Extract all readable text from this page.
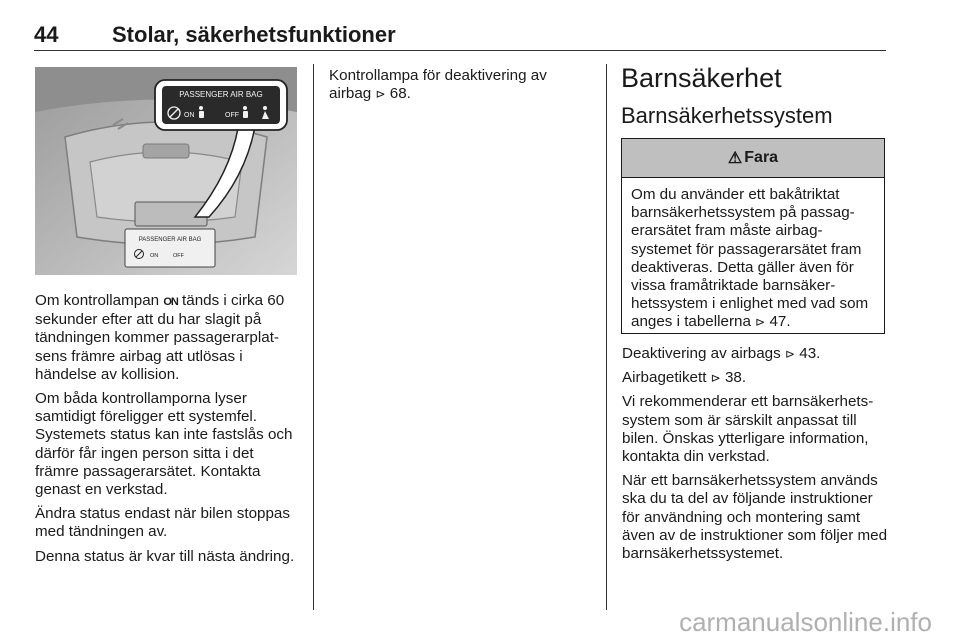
44 Stolar, säkerhetsfunktioner
PASSENGER AIR BAG
ON	OFF
PASSENGER AIR BAG
ON	OFF

Om kontrollampan ON tänds i cirka 60 sekunder efter att du har slagit på tändningen kommer passagerarplatsens främre airbag att utlösas i händelse av kollision.

Om båda kontrollamporna lyser samtidigt föreligger ett systemfel. Systemets status kan inte fastslås och därför får ingen person sitta i det främre passagerarsätet. Kontakta genast en verkstad.

Ändra status endast när bilen stoppas med tändningen av.

Denna status är kvar till nästa ändring.

Kontrollampa för deaktivering av airbag ⊳ 68.

Barnsäkerhet
Barnsäkerhetssystem
⚠ Fara
Om du använder ett bakåtriktat barnsäkerhetssystem på passagerarsätet fram måste airbagsystemet för passagerarsätet fram deaktiveras. Detta gäller även för vissa framåtriktade barnsäkerhetssystem i enlighet med vad som anges i tabellerna ⊳ 47.

Deaktivering av airbags ⊳ 43.

Airbagetikett ⊳ 38.

Vi rekommenderar ett barnsäkerhetssystem som är särskilt anpassat till bilen. Önskas ytterligare information, kontakta din verkstad.

När ett barnsäkerhetssystem används ska du ta del av följande instruktioner för användning och montering samt även av de instruktioner som följer med barnsäkerhetssystemet.

carmanualsonline.info
